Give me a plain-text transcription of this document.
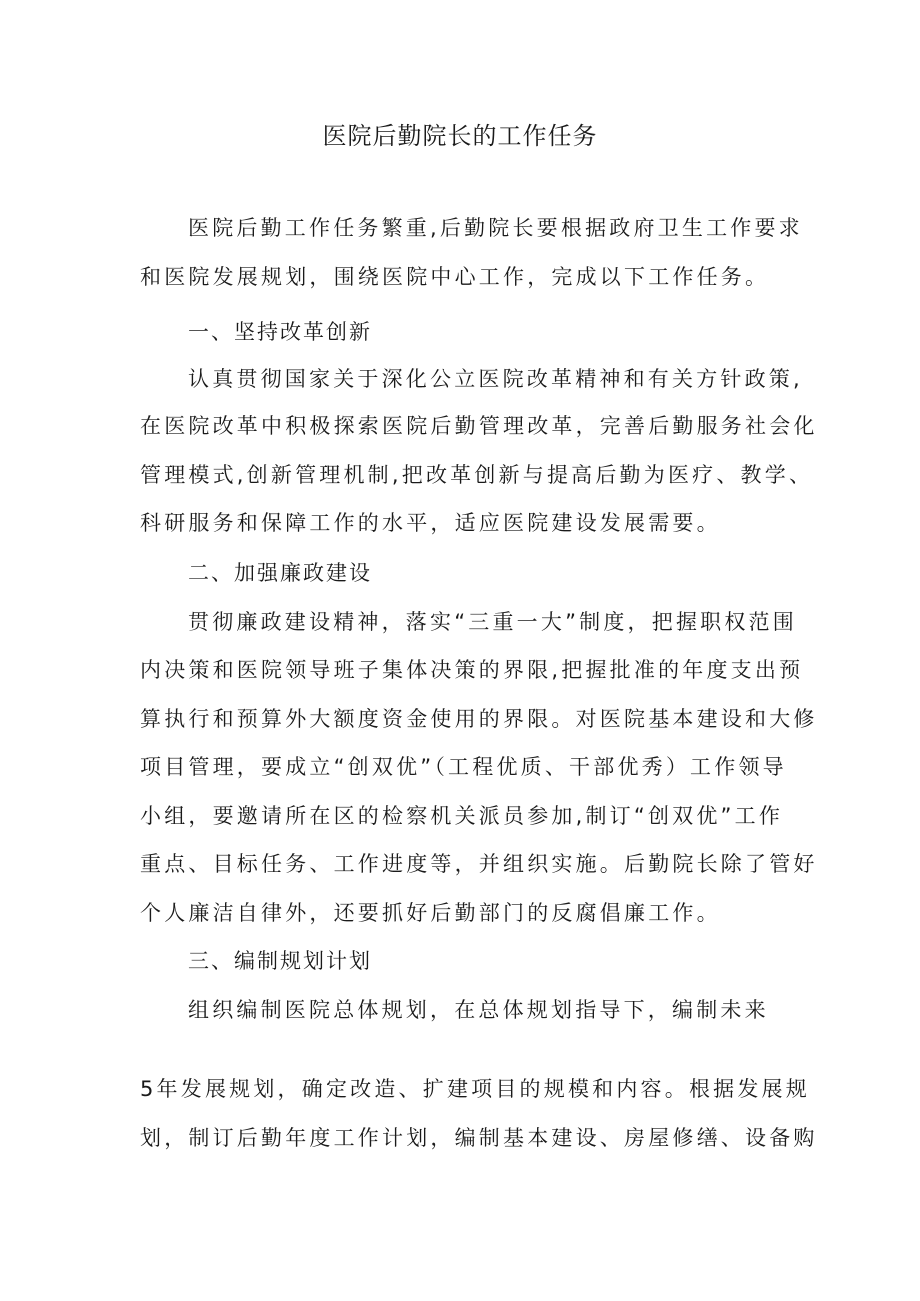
医院后勤院长的工作任务

医院后勤工作任务繁重,后勤院长要根据政府卫生工作要求

和医院发展规划，围绕医院中心工作，完成以下工作任务。

一、坚持改革创新

认真贯彻国家关于深化公立医院改革精神和有关方针政策,

在医院改革中积极探索医院后勤管理改革，完善后勤服务社会化

管理模式,创新管理机制,把改革创新与提高后勤为医疗、教学、

科研服务和保障工作的水平，适应医院建设发展需要。

二、加强廉政建设

贯彻廉政建设精神，落实“三重一大”制度，把握职权范围

内决策和医院领导班子集体决策的界限,把握批准的年度支出预

算执行和预算外大额度资金使用的界限。对医院基本建设和大修

项目管理，要成立“创双优”（工程优质、干部优秀）工作领导

小组，要邀请所在区的检察机关派员参加,制订“创双优”工作

重点、目标任务、工作进度等，并组织实施。后勤院长除了管好

个人廉洁自律外，还要抓好后勤部门的反腐倡廉工作。

三、编制规划计划

组织编制医院总体规划，在总体规划指导下，编制未来

5年发展规划，确定改造、扩建项目的规模和内容。根据发展规

划，制订后勤年度工作计划，编制基本建设、房屋修缮、设备购
